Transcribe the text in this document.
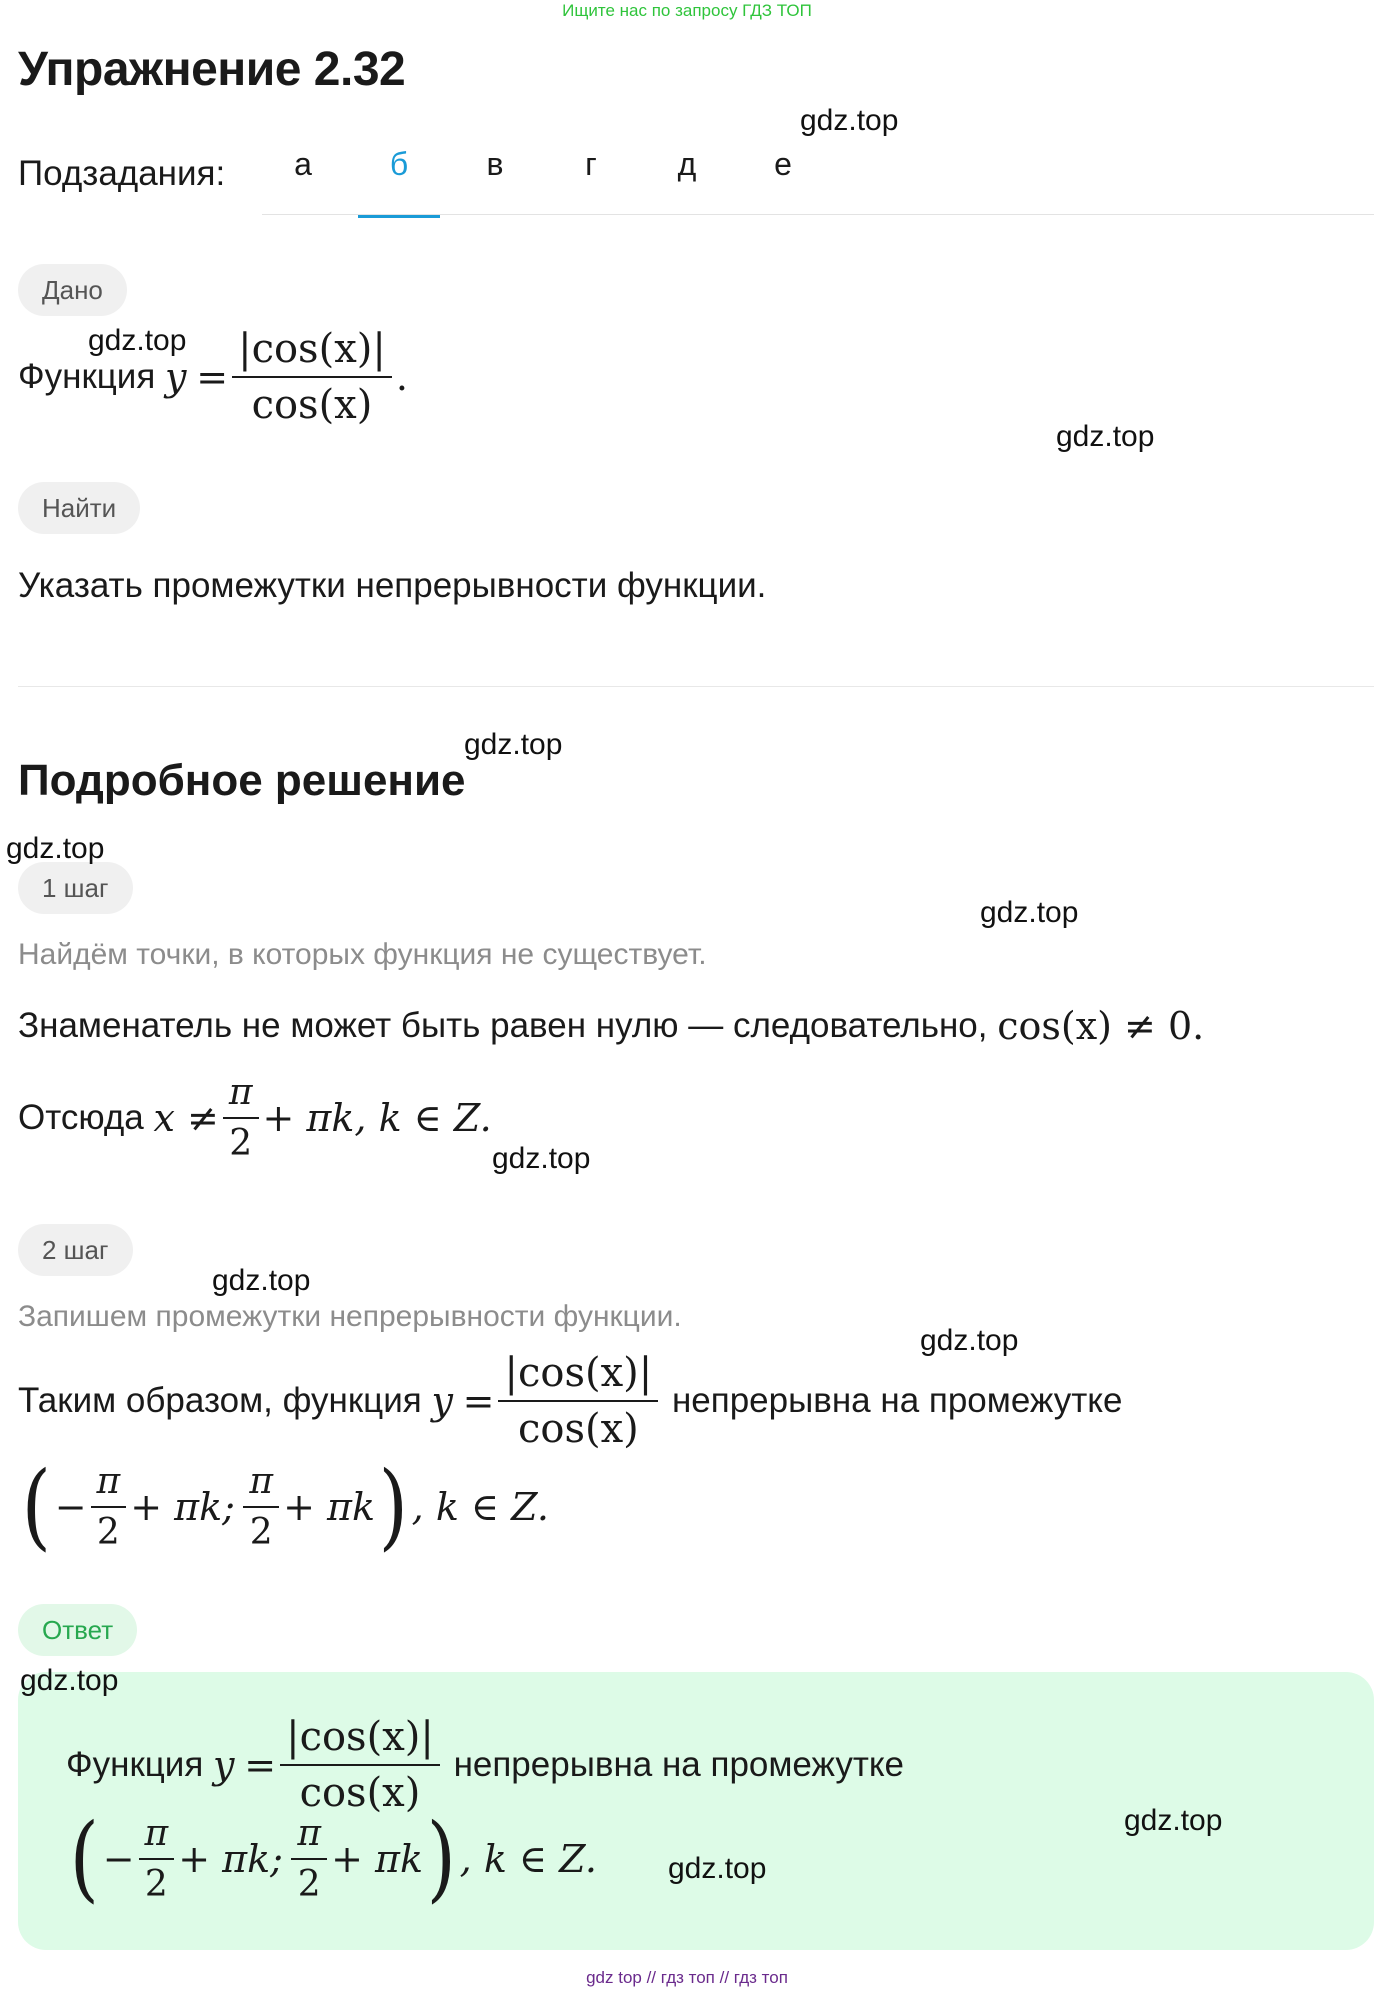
Ищите нас по запросу ГДЗ ТОП
Упражнение 2.32
Подзадания:	а	б	в	г	д	е
Дано
Функция
y
= $\frac{|\cos(x)|}{\cos(x)}$ .
Найти
Указать промежутки непрерывности функции.
Подробное решение
1 шаг
Найдём точки, в которых функция не существует.
Знаменатель не может быть равен нулю — следовательно,
cos(x) ≠ 0.
Отсюда
$x \ne \frac{\pi}{2} + \pi k$, k ∈ Z.
2 шаг
Запишем промежутки непрерывности функции.
Таким образом, функция
y
= $\frac{|\cos(x)|}{\cos(x)}$
непрерывна на промежутке
( − $\frac{\pi}{2} + \pi k$;
$\frac{\pi}{2} + \pi k$ ) , k ∈ Z.
Ответ
Функция
y
= $\frac{|\cos(x)|}{\cos(x)}$
непрерывна на промежутке
( − $\frac{\pi}{2} + \pi k$;
$\frac{\pi}{2} + \pi k$ ) , k ∈ Z.
gdz.top
gdz.top
gdz.top
gdz.top
gdz.top
gdz.top
gdz.top
gdz.top
gdz.top
gdz.top
gdz.top
gdz.top
gdz top // гдз топ // гдз топ
